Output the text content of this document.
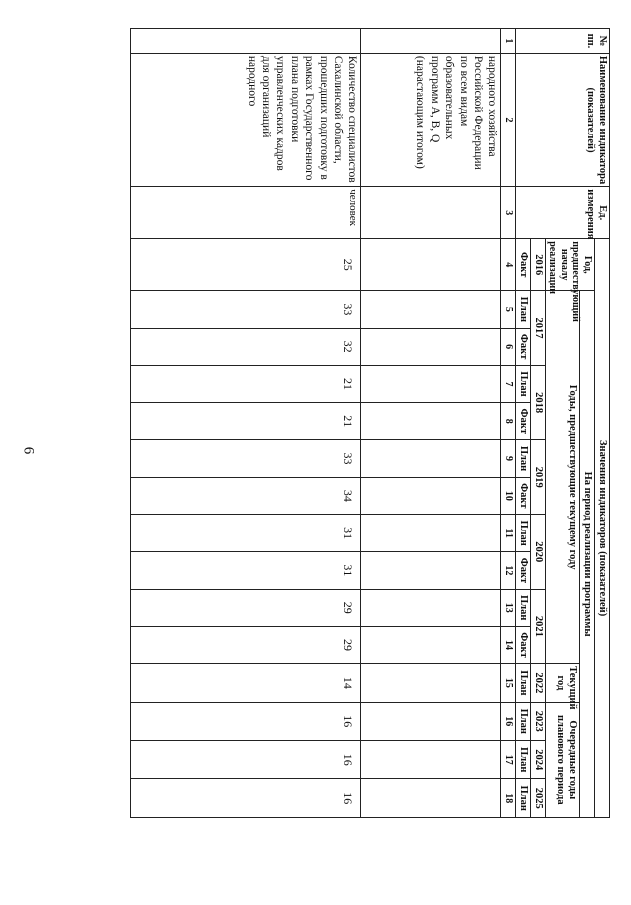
6
№ пп.	Наименование индикатора (показателей)	Ед. измерения	Значения индикаторов (показателей)														
			Год, предшествующий началу реализации	На период реализации программы													
				Годы, предшествующие текущему году										Текущий год	Очередные годы планового периода		

			2016	2017		2018		2019		2020		2021		2022	2023	2024	2025
			Факт	План	Факт	План	Факт	План	Факт	План	Факт	План	Факт	План	План	План	План
1	2	3	4	5	6	7	8	9	10	11	12	13	14	15	16	17	18
	народного хозяйства Российской Федерации по всем видам образовательных программ А, В, Q (нарастающим итогом)																
	Количество специалистов Сахалинской области, прошедших подготовку в рамках Государственного плана подготовки управленческих кадров для организаций народного	человек	25	33	32	21	21	33	34	31	31	29	29	14	16	16	16
